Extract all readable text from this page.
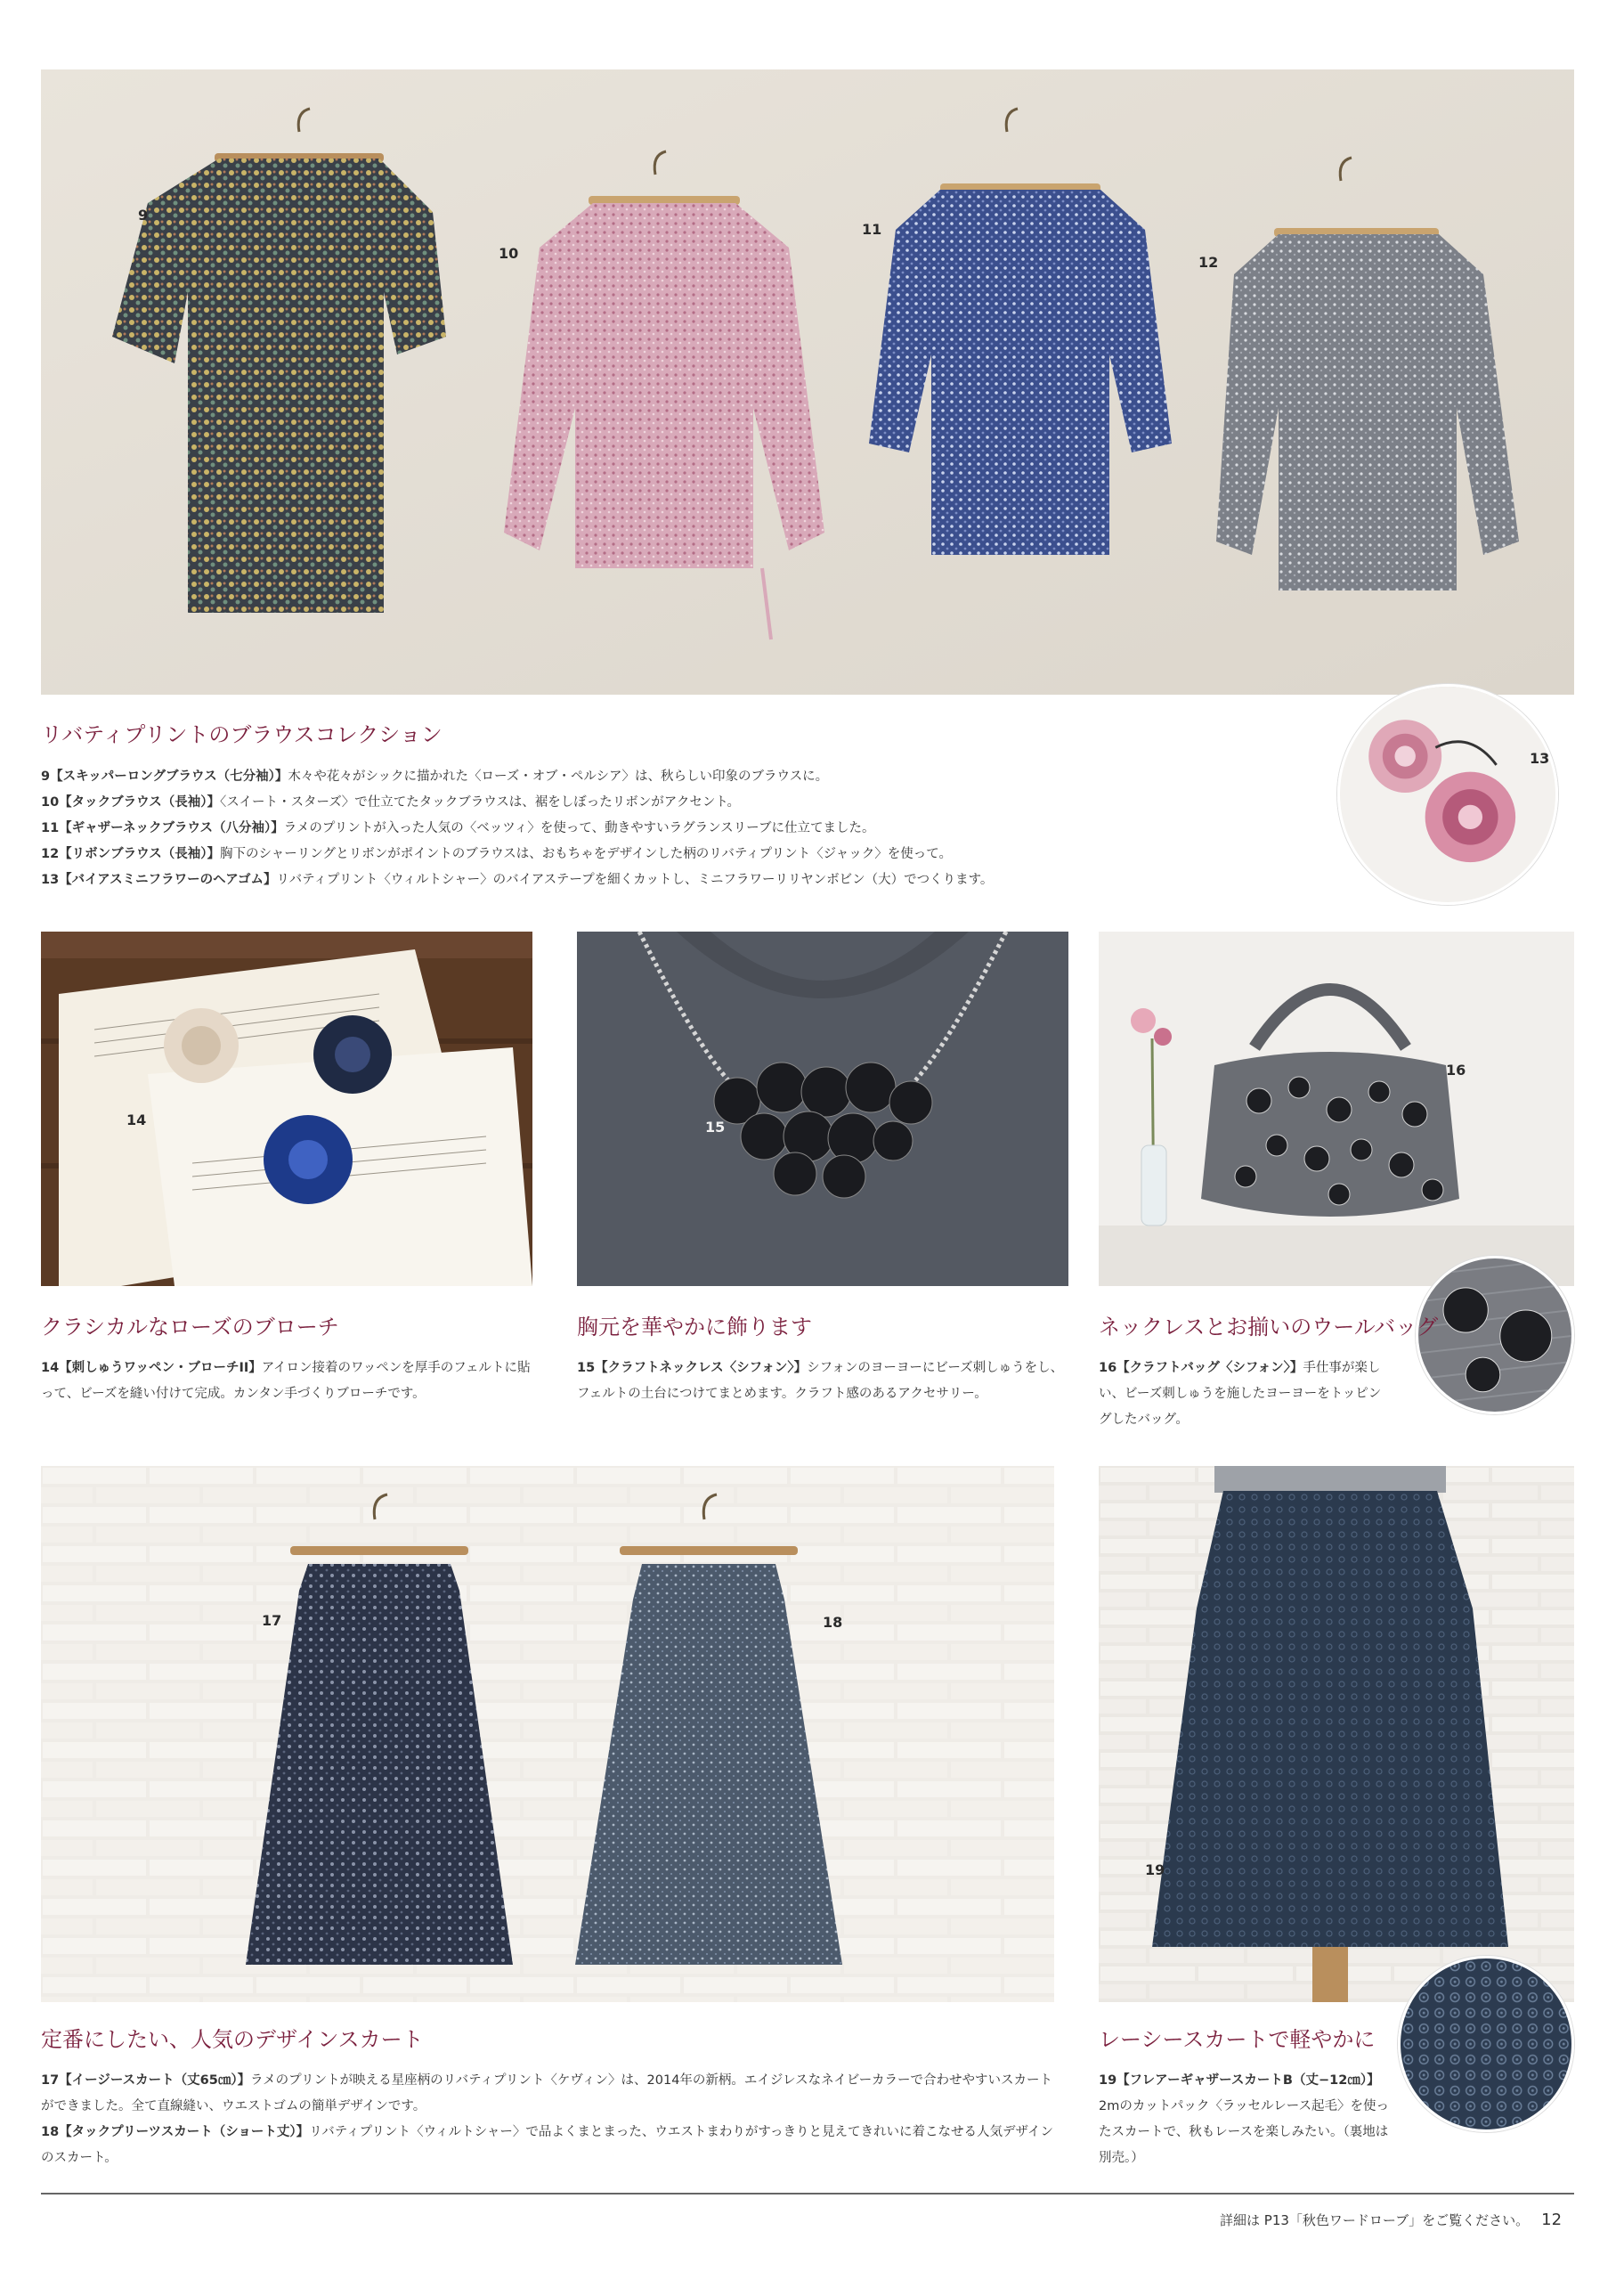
9
10
11
12
13
リバティプリントのブラウスコレクション

9【スキッパーロングブラウス（七分袖）】木々や花々がシックに描かれた〈ローズ・オブ・ペルシア〉は、秋らしい印象のブラウスに。

10【タックブラウス（長袖）】〈スイート・スターズ〉で仕立てたタックブラウスは、裾をしぼったリボンがアクセント。

11【ギャザーネックブラウス（八分袖）】ラメのプリントが入った人気の〈ベッツィ〉を使って、動きやすいラグランスリーブに仕立てました。

12【リボンブラウス（長袖）】胸下のシャーリングとリボンがポイントのブラウスは、おもちゃをデザインした柄のリバティプリント〈ジャック〉を使って。

13【バイアスミニフラワーのヘアゴム】リバティプリント〈ウィルトシャー〉のバイアステープを細くカットし、ミニフラワーリリヤンボビン（大）でつくります。

14	15
16
クラシカルなローズのブローチ	胸元を華やかに飾ります	ネックレスとお揃いのウールバッグ
14【刺しゅうワッペン・ブローチII】アイロン接着のワッペンを厚手のフェルトに貼って、ビーズを縫い付けて完成。カンタン手づくりブローチです。
15【クラフトネックレス〈シフォン〉】シフォンのヨーヨーにビーズ刺しゅうをし、フェルトの土台につけてまとめます。クラフト感のあるアクセサリー。
16【クラフトバッグ〈シフォン〉】手仕事が楽しい、ビーズ刺しゅうを施したヨーヨーをトッピングしたバッグ。
17	18
19
定番にしたい、人気のデザインスカート	レーシースカートで軽やかに

17【イージースカート（丈65㎝）】ラメのプリントが映える星座柄のリバティプリント〈ケヴィン〉は、2014年の新柄。エイジレスなネイビーカラーで合わせやすいスカートができました。全て直線縫い、ウエストゴムの簡単デザインです。

18【タックプリーツスカート（ショート丈）】リバティプリント〈ウィルトシャー〉で品よくまとまった、ウエストまわりがすっきりと見えてきれいに着こなせる人気デザインのスカート。

19【フレアーギャザースカートB（丈−12㎝）】2mのカットパック〈ラッセルレース起毛〉を使ったスカートで、秋もレースを楽しみたい。（裏地は別売。）
詳細は P13「秋色ワードローブ」をご覧ください。 12
